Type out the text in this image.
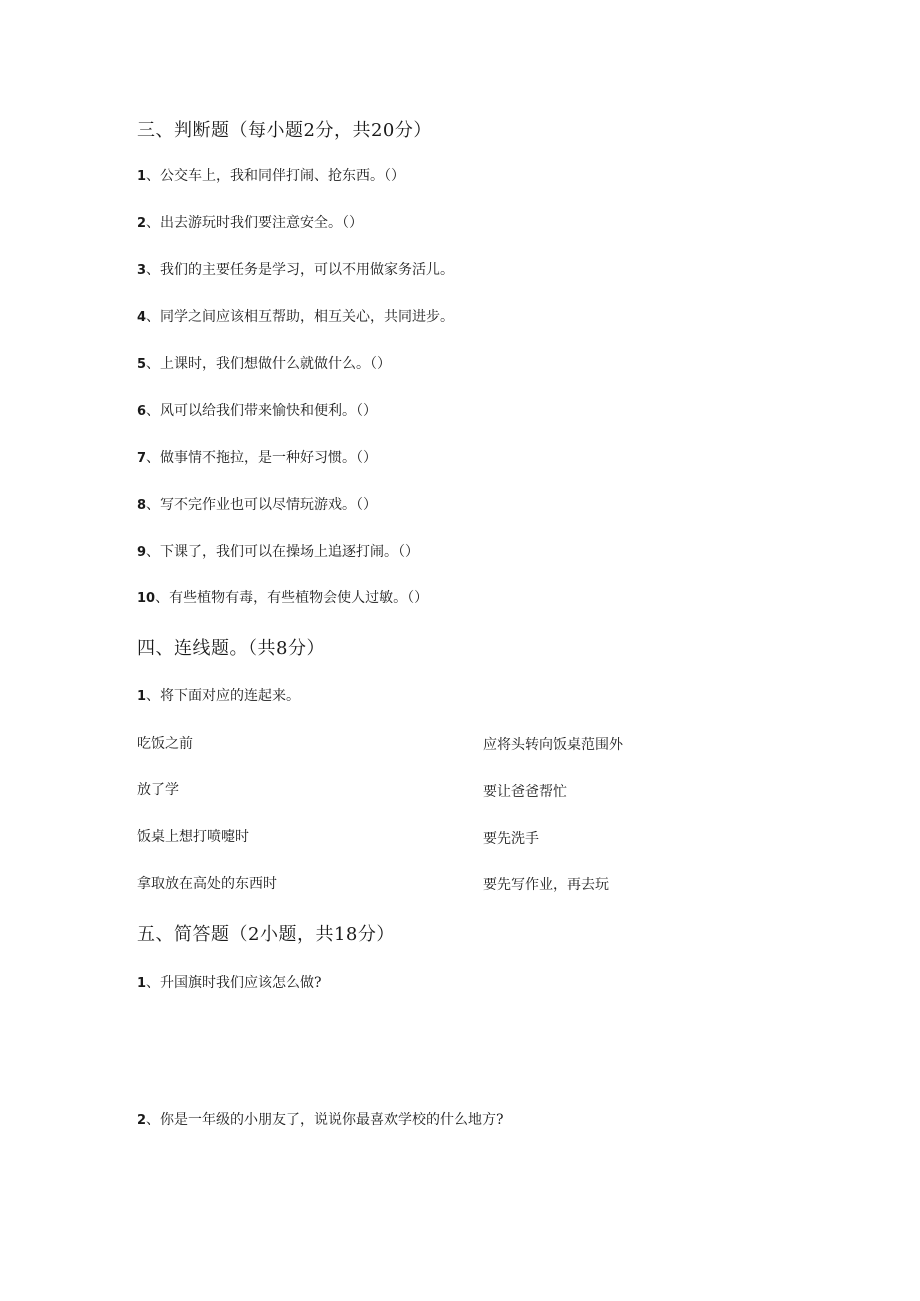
三、判断题（每小题2分，共20分）
1、公交车上，我和同伴打闹、抢东西。（）
2、出去游玩时我们要注意安全。（）
3、我们的主要任务是学习，可以不用做家务活儿。
4、同学之间应该相互帮助，相互关心，共同进步。
5、上课时，我们想做什么就做什么。（）
6、风可以给我们带来愉快和便利。（）
7、做事情不拖拉，是一种好习惯。（）
8、写不完作业也可以尽情玩游戏。（）
9、下课了，我们可以在操场上追逐打闹。（）
10、有些植物有毒，有些植物会使人过敏。（）
四、连线题。（共8分）
1、将下面对应的连起来。
吃饭之前	应将头转向饭桌范围外
放了学	要让爸爸帮忙
饭桌上想打喷嚏时	要先洗手
拿取放在高处的东西时	要先写作业，再去玩
五、简答题（2小题，共18分）
1、升国旗时我们应该怎么做?
2、你是一年级的小朋友了，说说你最喜欢学校的什么地方?
